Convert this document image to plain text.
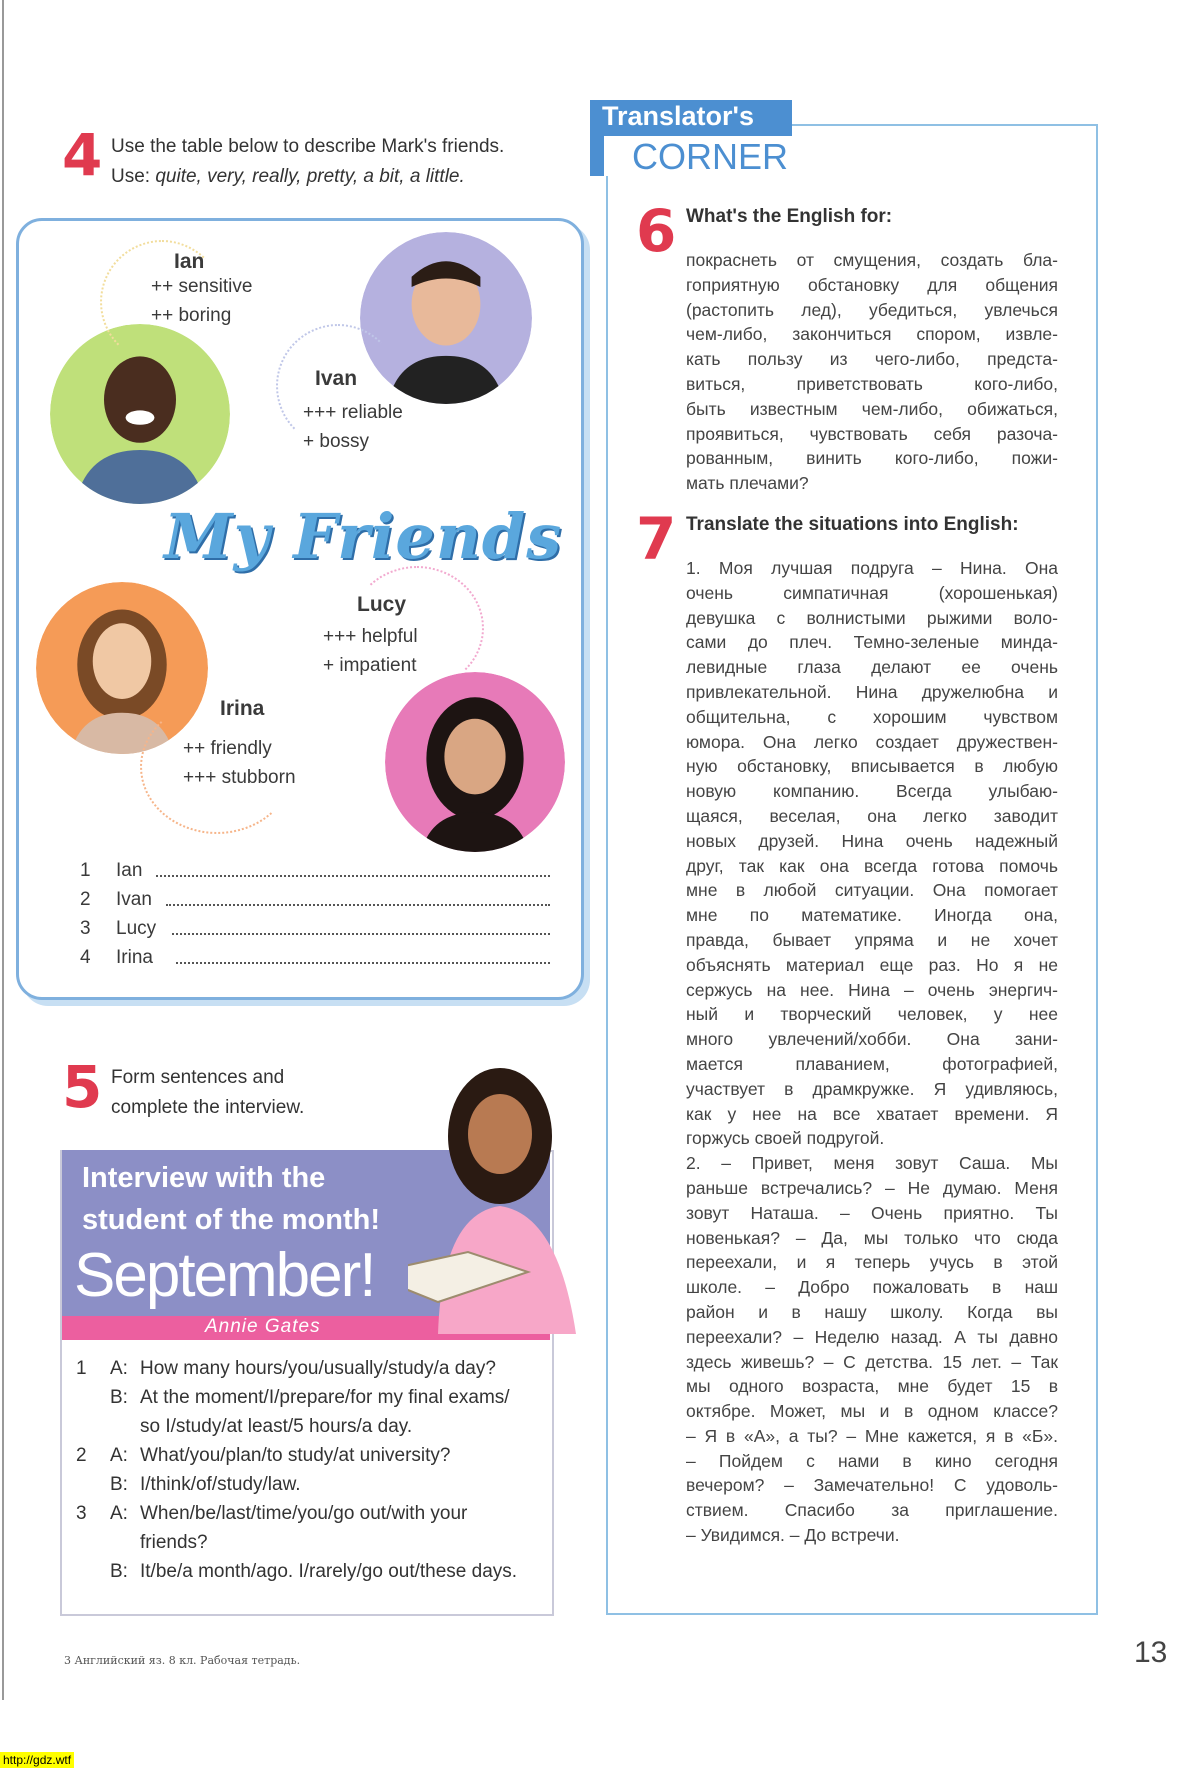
4 Use the table below to describe Mark's friends.
Use: quite, very, really, pretty, a bit, a little.
Ian
++ sensitive
++ boring
Ivan
+++ reliable
+ bossy
My Friends
Irina
++ friendly
+++ stubborn
Lucy
+++ helpful
+ impatient
1 Ian
2 Ivan
3 Lucy
4 Irina
5 Form sentences and
complete the interview.
Interview with the
student of the month!
September!
Annie Gates
1 A: How many hours/you/usually/study/a day?
B: At the moment/I/prepare/for my final exams/
so I/study/at least/5 hours/a day.
2 A: What/you/plan/to study/at university?
B: I/think/of/study/law.
3 A: When/be/last/time/you/go out/with your
friends?
B: It/be/a month/ago. I/rarely/go out/these days.
Translator's
CORNER
6 What's the English for:
покраснеть от смущения, создать бла-
гоприятную обстановку для общения
(растопить лед), убедиться, увлечься
чем-либо, закончиться спором, извле-
кать пользу из чего-либо, предста-
виться, приветствовать кого-либо,
быть известным чем-либо, обижаться,
проявиться, чувствовать себя разоча-
рованным, винить кого-либо, пожи-
мать плечами?
7 Translate the situations into English:
1. Моя лучшая подруга – Нина. Она
очень симпатичная (хорошенькая)
девушка с волнистыми рыжими воло-
сами до плеч. Темно-зеленые минда-
левидные глаза делают ее очень
привлекательной. Нина дружелюбна и
общительна, с хорошим чувством
юмора. Она легко создает дружествен-
ную обстановку, вписывается в любую
новую компанию. Всегда улыбаю-
щаяся, веселая, она легко заводит
новых друзей. Нина очень надежный
друг, так как она всегда готова помочь
мне в любой ситуации. Она помогает
мне по математике. Иногда она,
правда, бывает упряма и не хочет
объяснять материал еще раз. Но я не
сержусь на нее. Нина – очень энергич-
ный и творческий человек, у нее
много увлечений/хобби. Она зани-
мается плаванием, фотографией,
участвует в драмкружке. Я удивляюсь,
как у нее на все хватает времени. Я
горжусь своей подругой.
2. – Привет, меня зовут Саша. Мы
раньше встречались? – Не думаю. Меня
зовут Наташа. – Очень приятно. Ты
новенькая? – Да, мы только что сюда
переехали, и я теперь учусь в этой
школе. – Добро пожаловать в наш
район и в нашу школу. Когда вы
переехали? – Неделю назад. А ты давно
здесь живешь? – С детства. 15 лет. – Так
мы одного возраста, мне будет 15 в
октябре. Может, мы и в одном классе?
– Я в «А», а ты? – Мне кажется, я в «Б».
– Пойдем с нами в кино сегодня
вечером? – Замечательно! С удоволь-
ствием. Спасибо за приглашение.
– Увидимся. – До встречи.
3 Английский яз. 8 кл. Рабочая тетрадь.	13
http://gdz.wtf
